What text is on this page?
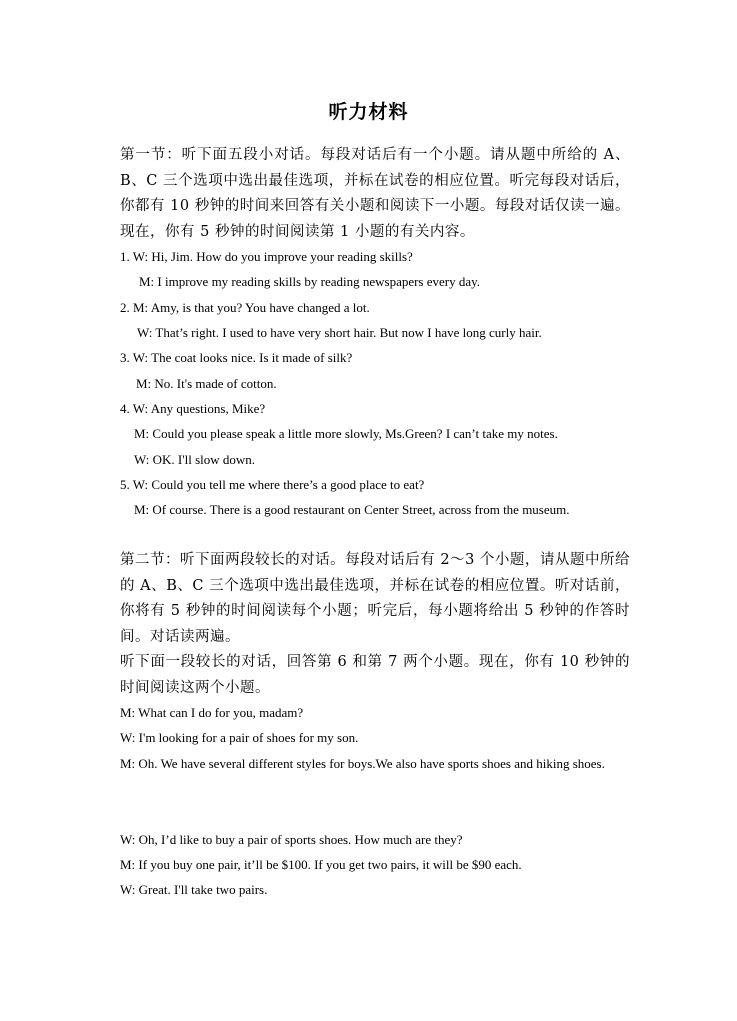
听力材料
第一节：听下面五段小对话。每段对话后有一个小题。请从题中所给的 A、B、C 三个选项中选出最佳选项，并标在试卷的相应位置。听完每段对话后，你都有 10 秒钟的时间来回答有关小题和阅读下一小题。每段对话仅读一遍。现在，你有 5 秒钟的时间阅读第 1 小题的有关内容。
1. W: Hi, Jim. How do you improve your reading skills?
M: I improve my reading skills by reading newspapers every day.
2. M: Amy, is that you? You have changed a lot.
W: That’s right. I used to have very short hair. But now I have long curly hair.
3. W: The coat looks nice. Is it made of silk?
M: No. It's made of cotton.
4. W: Any questions, Mike?
M: Could you please speak a little more slowly, Ms.Green? I can’t take my notes.
W: OK. I'll slow down.
5. W: Could you tell me where there’s a good place to eat?
M: Of course. There is a good restaurant on Center Street, across from the museum.
第二节：听下面两段较长的对话。每段对话后有 2～3 个小题，请从题中所给的 A、B、C 三个选项中选出最佳选项，并标在试卷的相应位置。听对话前，你将有 5 秒钟的时间阅读每个小题；听完后，每小题将给出 5 秒钟的作答时间。对话读两遍。
听下面一段较长的对话，回答第 6 和第 7 两个小题。现在，你有 10 秒钟的时间阅读这两个小题。
M: What can I do for you, madam?
W: I'm looking for a pair of shoes for my son.
M: Oh. We have several different styles for boys.We also have sports shoes and hiking shoes.
W: Oh, I’d like to buy a pair of sports shoes. How much are they?
M: If you buy one pair, it’ll be $100. If you get two pairs, it will be $90 each.
W: Great. I'll take two pairs.
